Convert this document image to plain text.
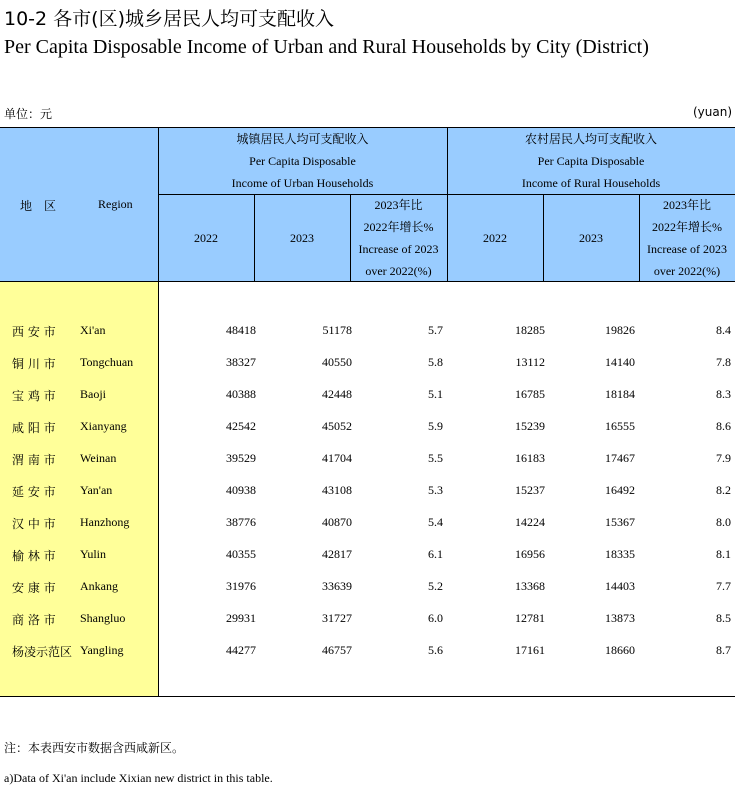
10-2 各市(区)城乡居民人均可支配收入
Per Capita Disposable Income of Urban and Rural Households by City (District)
单位：元	(yuan)
地　区	Region
城镇居民人均可支配收入
Per Capita Disposable
Income of Urban Households
农村居民人均可支配收入
Per Capita Disposable
Income of Rural Households
2022	2023
2023年比
2022年增长%
Increase of 2023
over 2022(%)
2022	2023
2023年比
2022年增长%
Increase of 2023
over 2022(%)
西 安 市 Xi'an	48418	51178	5.7	18285	19826	8.4
铜 川 市 Tongchuan	38327	40550	5.8	13112	14140	7.8
宝 鸡 市 Baoji	40388	42448	5.1	16785	18184	8.3
咸 阳 市 Xianyang	42542	45052	5.9	15239	16555	8.6
渭 南 市 Weinan	39529	41704	5.5	16183	17467	7.9
延 安 市 Yan'an	40938	43108	5.3	15237	16492	8.2
汉 中 市 Hanzhong	38776	40870	5.4	14224	15367	8.0
榆 林 市 Yulin	40355	42817	6.1	16956	18335	8.1
安 康 市 Ankang	31976	33639	5.2	13368	14403	7.7
商 洛 市 Shangluo	29931	31727	6.0	12781	13873	8.5
杨凌示范区 Yangling	44277	46757	5.6	17161	18660	8.7
注：本表西安市数据含西咸新区。
a)Data of Xi'an include Xixian new district in this table.
